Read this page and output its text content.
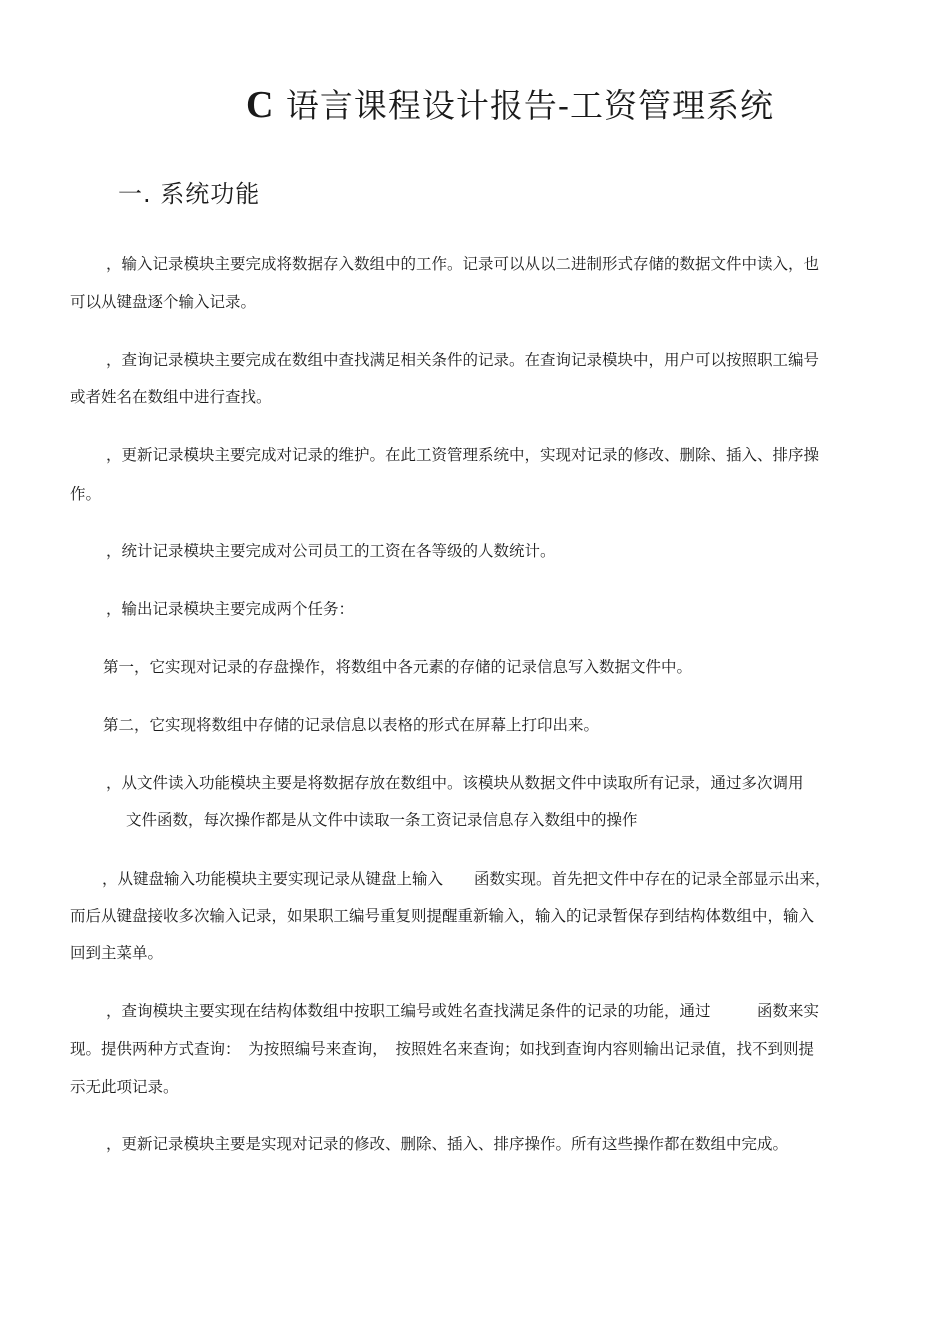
C 语言课程设计报告-工资管理系统
一. 系统功能
，输入记录模块主要完成将数据存入数组中的工作。记录可以从以二进制形式存储的数据文件中读入，也
可以从键盘逐个输入记录。
，查询记录模块主要完成在数组中查找满足相关条件的记录。在查询记录模块中，用户可以按照职工编号
或者姓名在数组中进行查找。
，更新记录模块主要完成对记录的维护。在此工资管理系统中，实现对记录的修改、删除、插入、排序操
作。
，统计记录模块主要完成对公司员工的工资在各等级的人数统计。
，输出记录模块主要完成两个任务：
第一，它实现对记录的存盘操作，将数组中各元素的存储的记录信息写入数据文件中。
第二，它实现将数组中存储的记录信息以表格的形式在屏幕上打印出来。
，从文件读入功能模块主要是将数据存放在数组中。该模块从数据文件中读取所有记录，通过多次调用
文件函数，每次操作都是从文件中读取一条工资记录信息存入数组中的操作
，从键盘输入功能模块主要实现记录从键盘上输入　　函数实现。首先把文件中存在的记录全部显示出来，
而后从键盘接收多次输入记录，如果职工编号重复则提醒重新输入，输入的记录暂保存到结构体数组中，输入
回到主菜单。
，查询模块主要实现在结构体数组中按职工编号或姓名查找满足条件的记录的功能，通过　　　函数来实
现。提供两种方式查询：　为按照编号来查询，　按照姓名来查询；如找到查询内容则输出记录值，找不到则提
示无此项记录。
，更新记录模块主要是实现对记录的修改、删除、插入、排序操作。所有这些操作都在数组中完成。
